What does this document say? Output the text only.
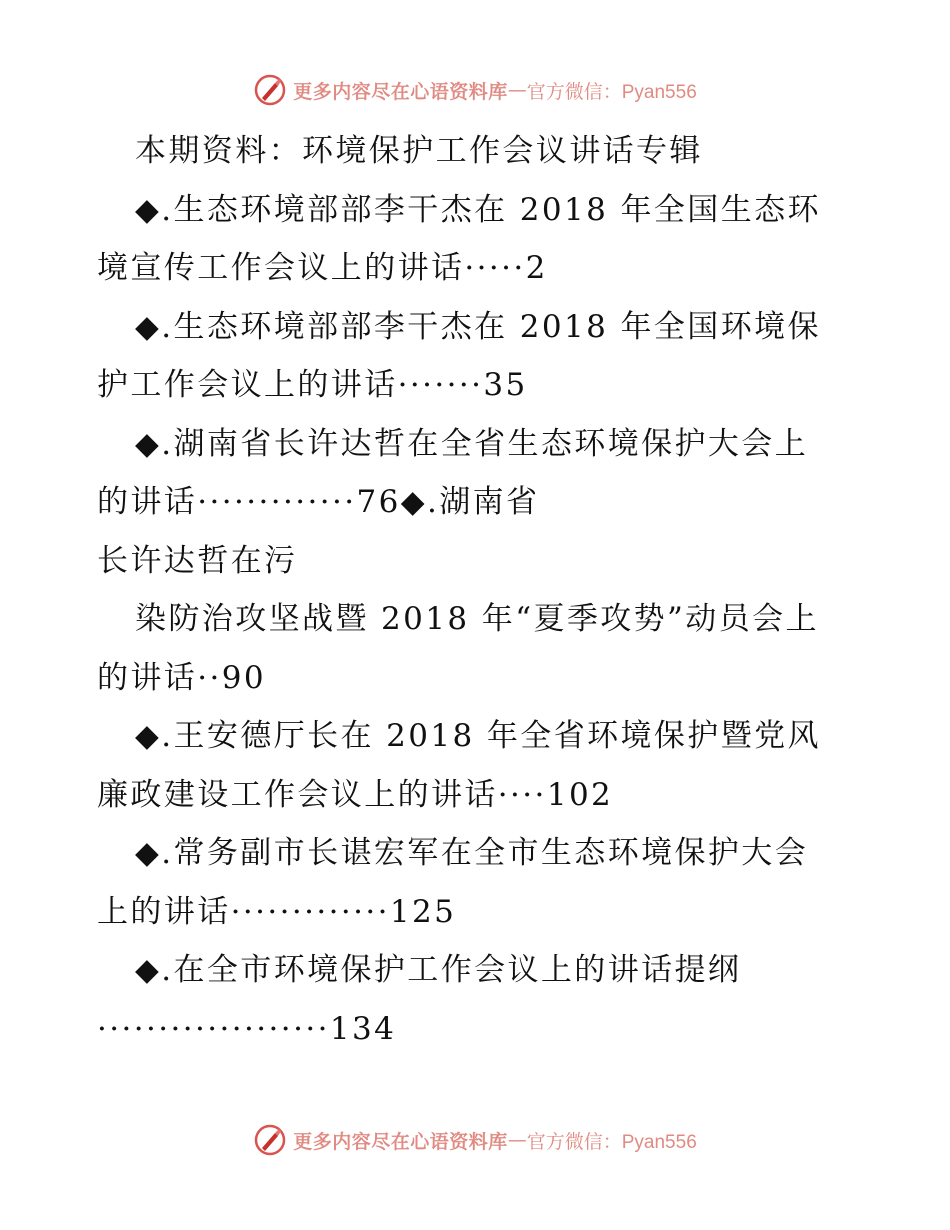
更多内容尽在心语资料库 — 官方微信：Pyan556
本期资料：环境保护工作会议讲话专辑
◆.生态环境部部李干杰在 2018 年全国生态环
境宣传工作会议上的讲话·····2
◆.生态环境部部李干杰在 2018 年全国环境保
护工作会议上的讲话·······35
◆.湖南省长许达哲在全省生态环境保护大会上
的讲话·············76◆.湖南省
长许达哲在污
染防治攻坚战暨 2018 年“夏季攻势”动员会上
的讲话··90
◆.王安德厅长在 2018 年全省环境保护暨党风
廉政建设工作会议上的讲话····102
◆.常务副市长谌宏军在全市生态环境保护大会
上的讲话·············125
◆.在全市环境保护工作会议上的讲话提纲
···················134
更多内容尽在心语资料库 — 官方微信：Pyan556
